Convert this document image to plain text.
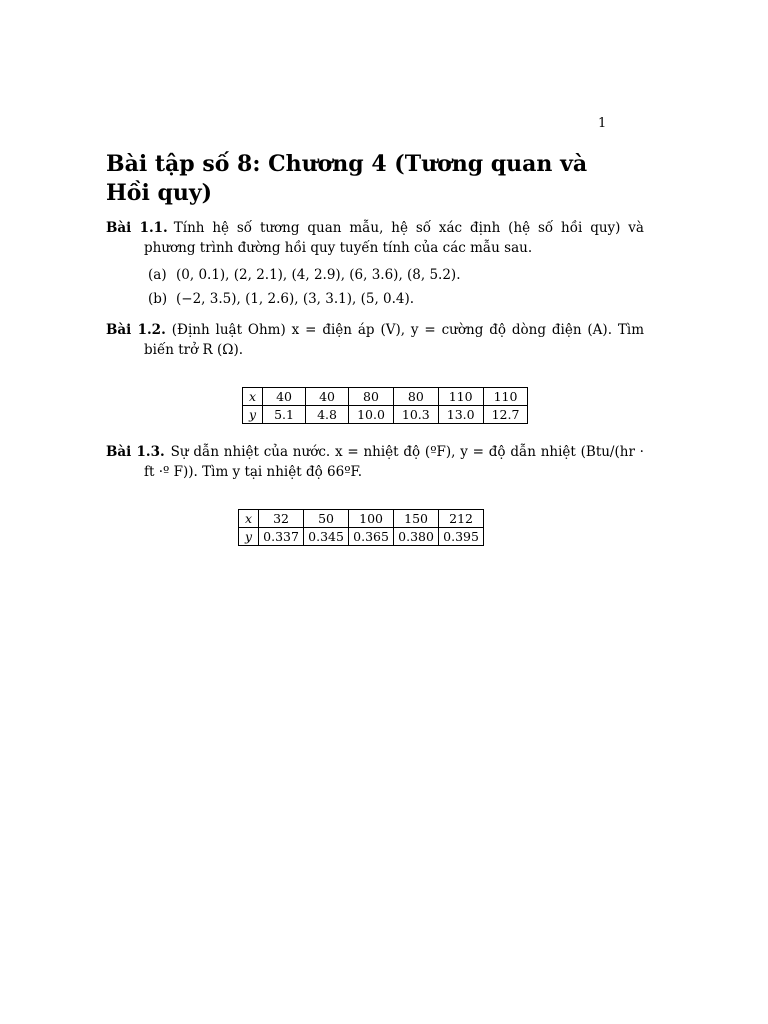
1
Bài tập số 8: Chương 4 (Tương quan và Hồi quy)
Bài 1.1. Tính hệ số tương quan mẫu, hệ số xác định (hệ số hồi quy) và phương trình đường hồi quy tuyến tính của các mẫu sau.
(a) (0, 0.1), (2, 2.1), (4, 2.9), (6, 3.6), (8, 5.2).
(b) (−2, 3.5), (1, 2.6), (3, 3.1), (5, 0.4).
Bài 1.2. (Định luật Ohm) x = điện áp (V), y = cường độ dòng điện (A). Tìm biến trở R (Ω).
x	40	40	80	80	110	110
y	5.1	4.8	10.0	10.3	13.0	12.7
Bài 1.3. Sự dẫn nhiệt của nước. x = nhiệt độ (ºF), y = độ dẫn nhiệt (Btu/(hr · ft ·º F)). Tìm y tại nhiệt độ 66ºF.
x	32	50	100	150	212
y	0.337	0.345	0.365	0.380	0.395
